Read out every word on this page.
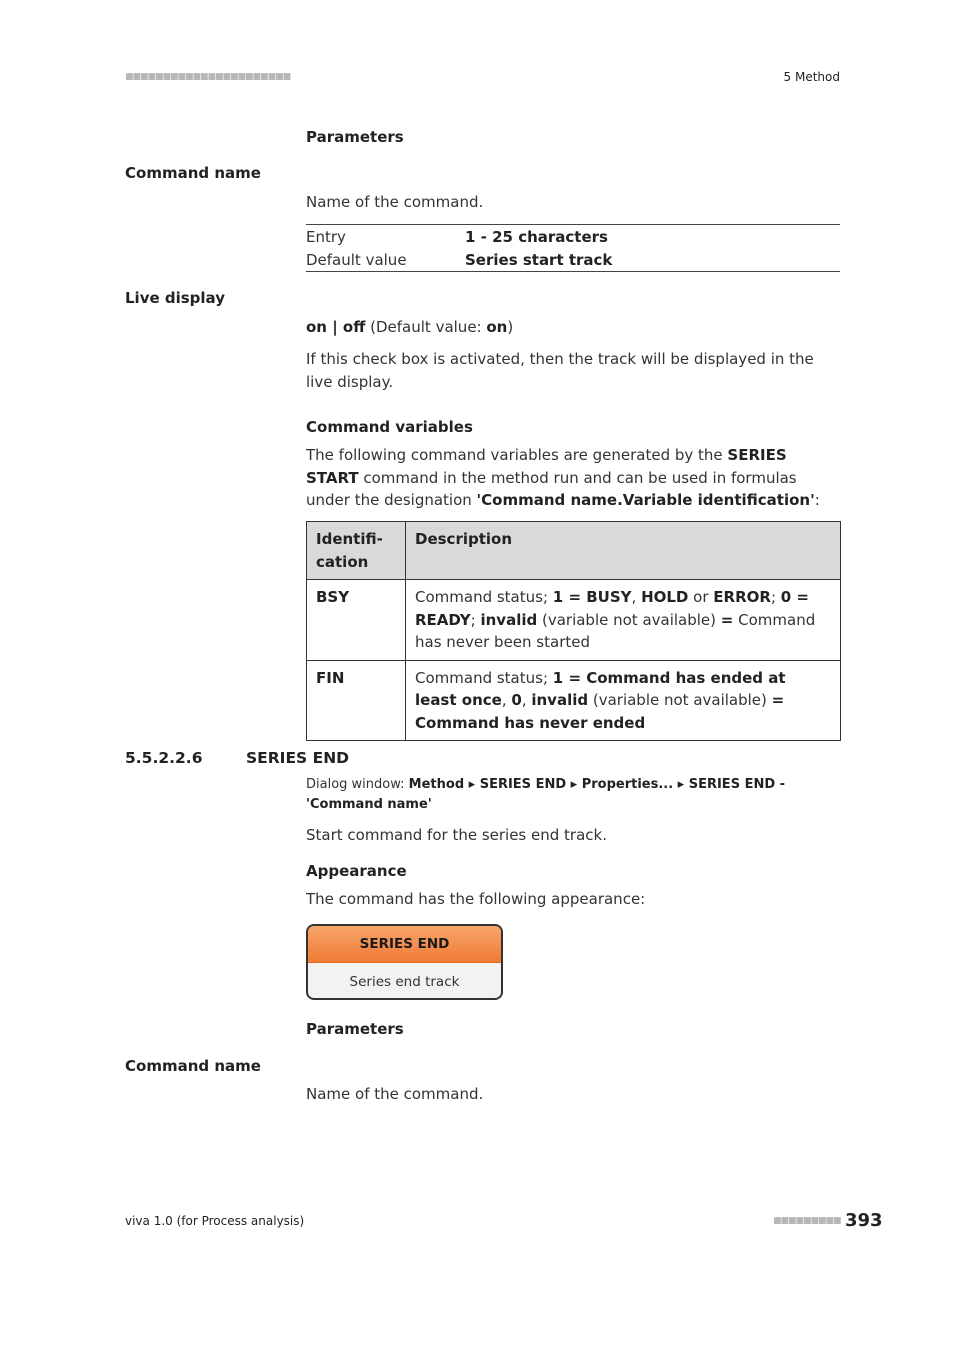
■■■■■■■■■■■■■■■■■■■■■■	5 Method
Parameters
Command name
Name of the command.
Entry	1 - 25 characters
Default value	Series start track
Live display
on | off (Default value: on)
If this check box is activated, then the track will be displayed in the live display.
Command variables
The following command variables are generated by the SERIES START command in the method run and can be used in formulas under the designation 'Command name.Variable identification':
Identifi-
cation	Description
BSY	Command status; 1 = BUSY, HOLD or ERROR; 0 = READY; invalid (variable not available) = Command has never been started
FIN	Command status; 1 = Command has ended at least once, 0, invalid (variable not available) = Command has never ended
5.5.2.2.6	SERIES END
Dialog window: Method ▸ SERIES END ▸ Properties... ▸ SERIES END - 'Command name'
Start command for the series end track.
Appearance
The command has the following appearance:
SERIES END
Series end track
Parameters
Command name
Name of the command.
viva 1.0 (for Process analysis)	■■■■■■■■■ 393
